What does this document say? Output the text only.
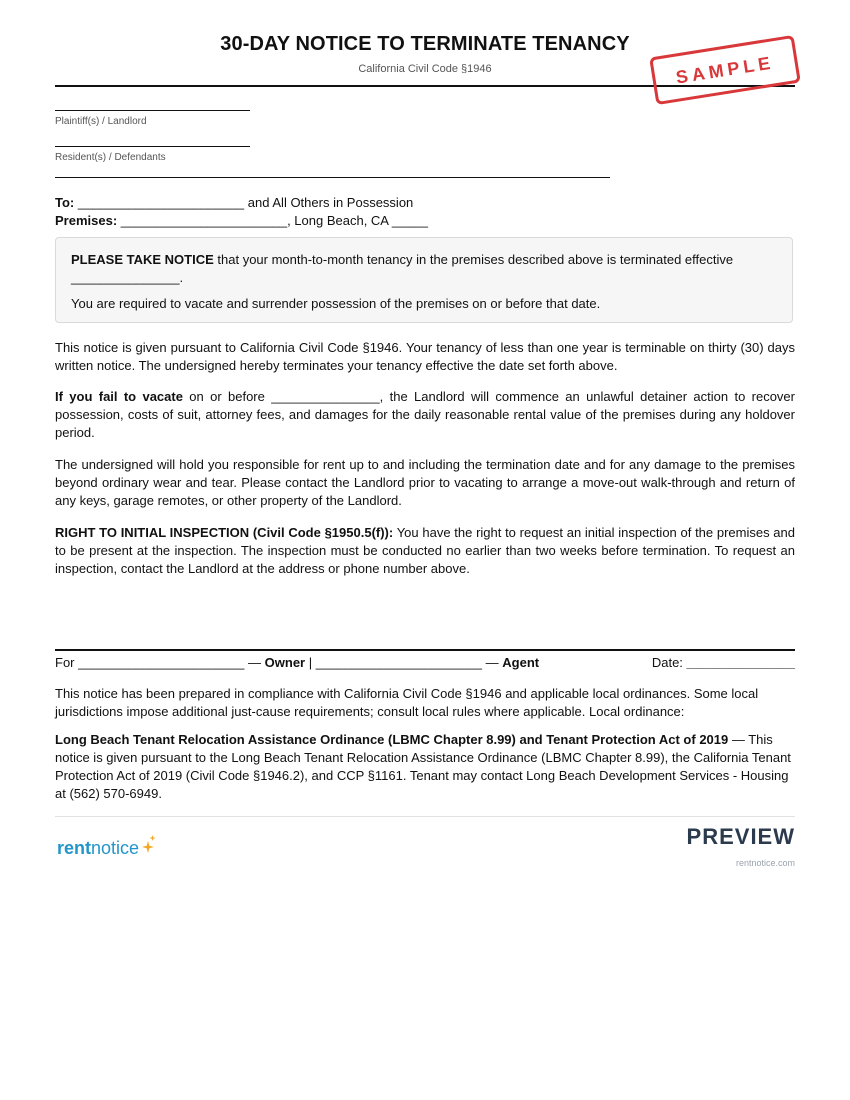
30-DAY NOTICE TO TERMINATE TENANCY
California Civil Code §1946
Plaintiff(s) / Landlord
Resident(s) / Defendants
To: _______________________ and All Others in Possession
Premises: _______________________, Long Beach, CA _____

PLEASE TAKE NOTICE that your month-to-month tenancy in the premises described above is terminated effective _______________.

You are required to vacate and surrender possession of the premises on or before that date.

This notice is given pursuant to California Civil Code §1946. Your tenancy of less than one year is terminable on thirty (30) days written notice. The undersigned hereby terminates your tenancy effective the date set forth above.

If you fail to vacate on or before _______________, the Landlord will commence an unlawful detainer action to recover possession, costs of suit, attorney fees, and damages for the daily reasonable rental value of the premises during any holdover period.

The undersigned will hold you responsible for rent up to and including the termination date and for any damage to the premises beyond ordinary wear and tear. Please contact the Landlord prior to vacating to arrange a move-out walk-through and return of any keys, garage remotes, or other property of the Landlord.

RIGHT TO INITIAL INSPECTION (Civil Code §1950.5(f)): You have the right to request an initial inspection of the premises and to be present at the inspection. The inspection must be conducted no earlier than two weeks before termination. To request an inspection, contact the Landlord at the address or phone number above.

For _______________________ — Owner | _______________________ — Agent	Date: _______________

This notice has been prepared in compliance with California Civil Code §1946 and applicable local ordinances. Some local jurisdictions impose additional just-cause requirements; consult local rules where applicable. Local ordinance:

Long Beach Tenant Relocation Assistance Ordinance (LBMC Chapter 8.99) and Tenant Protection Act of 2019 — This notice is given pursuant to the Long Beach Tenant Relocation Assistance Ordinance (LBMC Chapter 8.99), the California Tenant Protection Act of 2019 (Civil Code §1946.2), and CCP §1161. Tenant may contact Long Beach Development Services - Housing at (562) 570-6949.

rentnotice	PREVIEW
rentnotice.com
SAMPLE
